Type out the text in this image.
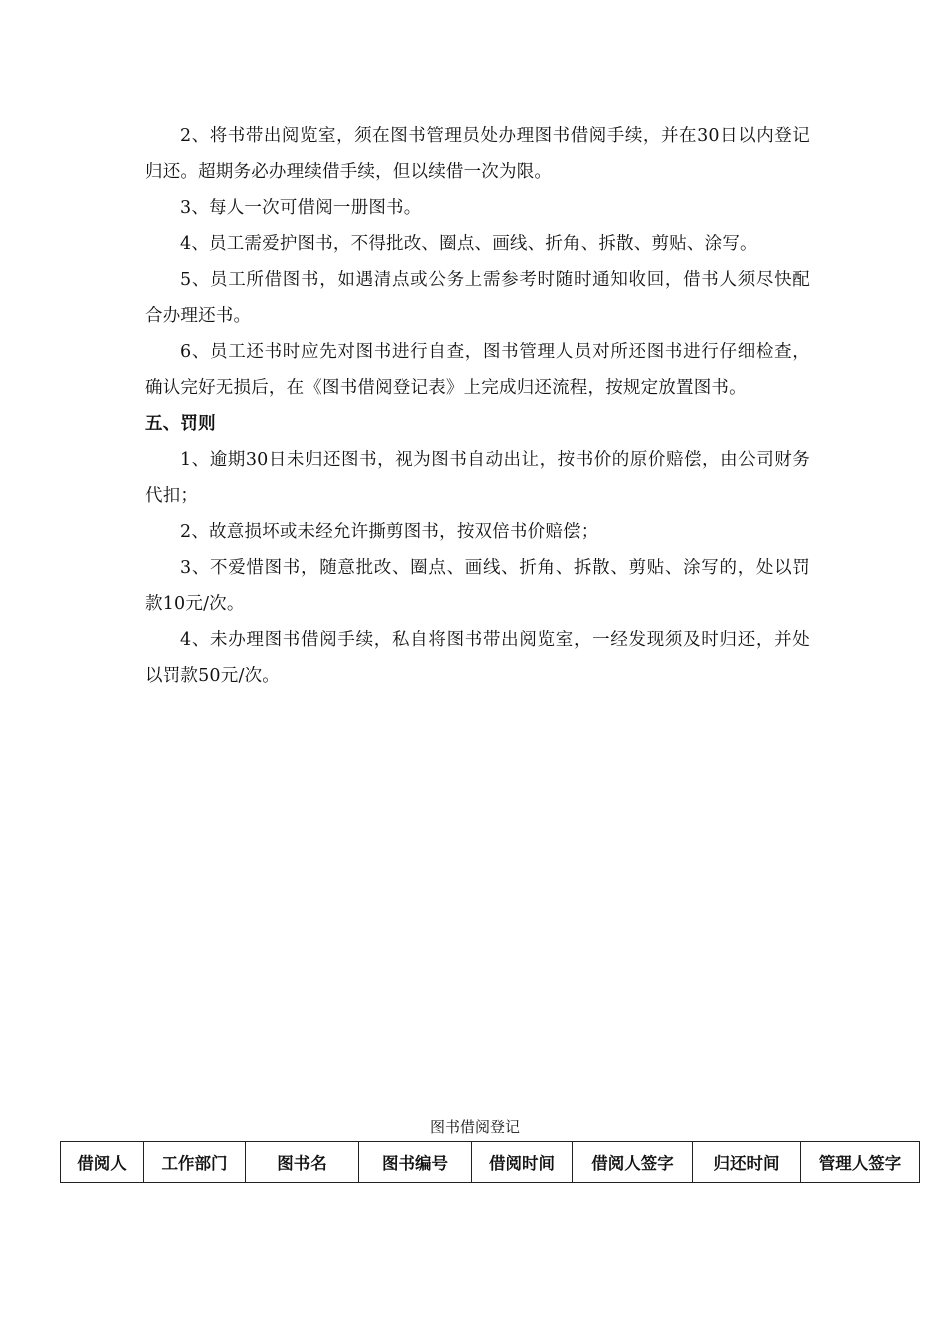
2、将书带出阅览室，须在图书管理员处办理图书借阅手续，并在30日以内登记归还。超期务必办理续借手续，但以续借一次为限。

3、每人一次可借阅一册图书。

4、员工需爱护图书，不得批改、圈点、画线、折角、拆散、剪贴、涂写。

5、员工所借图书，如遇清点或公务上需参考时随时通知收回，借书人须尽快配合办理还书。

6、员工还书时应先对图书进行自查，图书管理人员对所还图书进行仔细检查，确认完好无损后，在《图书借阅登记表》上完成归还流程，按规定放置图书。

五、罚则

1、逾期30日未归还图书，视为图书自动出让，按书价的原价赔偿，由公司财务代扣；

2、故意损坏或未经允许撕剪图书，按双倍书价赔偿；

3、不爱惜图书，随意批改、圈点、画线、折角、拆散、剪贴、涂写的，处以罚款10元/次。

4、未办理图书借阅手续，私自将图书带出阅览室，一经发现须及时归还，并处以罚款50元/次。

图书借阅登记
借阅人	工作部门	图书名	图书编号	借阅时间	借阅人签字	归还时间	管理人签字
